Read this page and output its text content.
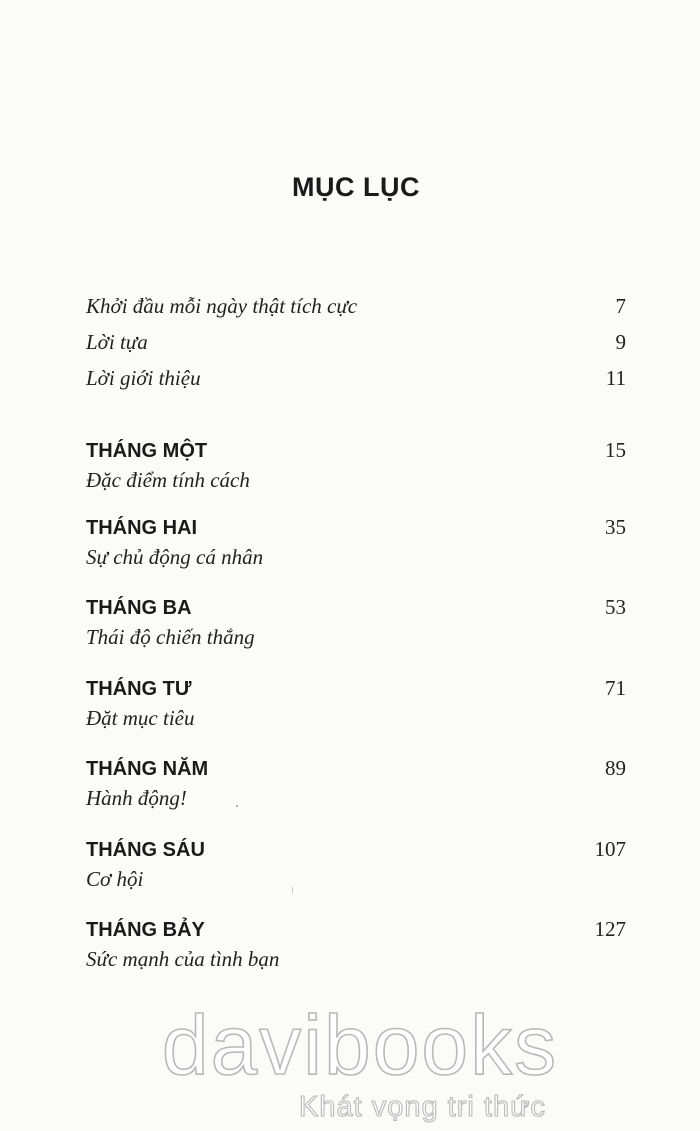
MỤC LỤC
Khởi đầu mỗi ngày thật tích cực	7
Lời tựa	9
Lời giới thiệu	11
THÁNG MỘT	15
Đặc điểm tính cách
THÁNG HAI	35
Sự chủ động cá nhân
THÁNG BA	53
Thái độ chiến thắng
THÁNG TƯ	71
Đặt mục tiêu
THÁNG NĂM	89
Hành động!
THÁNG SÁU	107
Cơ hội
THÁNG BẢY	127
Sức mạnh của tình bạn
davibooks
Khát vọng tri thức
